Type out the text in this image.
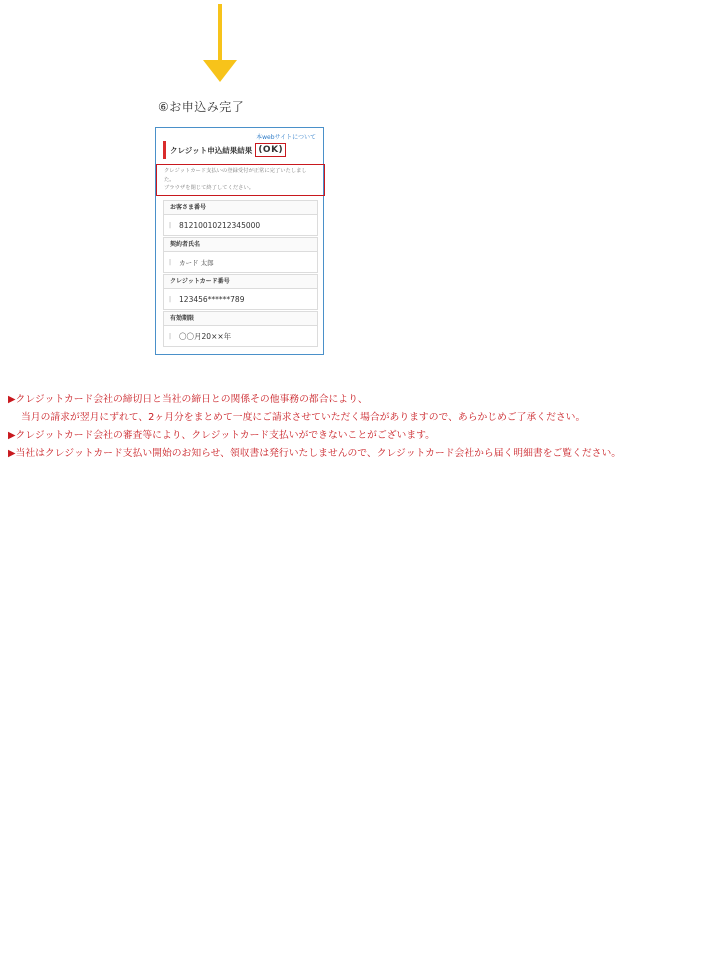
⑥お申込み完了
本webサイトについて
クレジット申込結果結果 (OK)
クレジットカード支払いの登録受付が正常に完了いたしました。
ブラウザを閉じて終了してください。
お客さま番号
| 81210010212345000
契約者氏名
| カード 太郎
クレジットカード番号
| 123456******789
有効期限
| 〇〇月20××年
▶クレジットカード会社の締切日と当社の締日との関係その他事務の都合により、
当月の請求が翌月にずれて、2ヶ月分をまとめて一度にご請求させていただく場合がありますので、あらかじめご了承ください。
▶クレジットカード会社の審査等により、クレジットカード支払いができないことがございます。
▶当社はクレジットカード支払い開始のお知らせ、領収書は発行いたしませんので、クレジットカード会社から届く明細書をご覧ください。
